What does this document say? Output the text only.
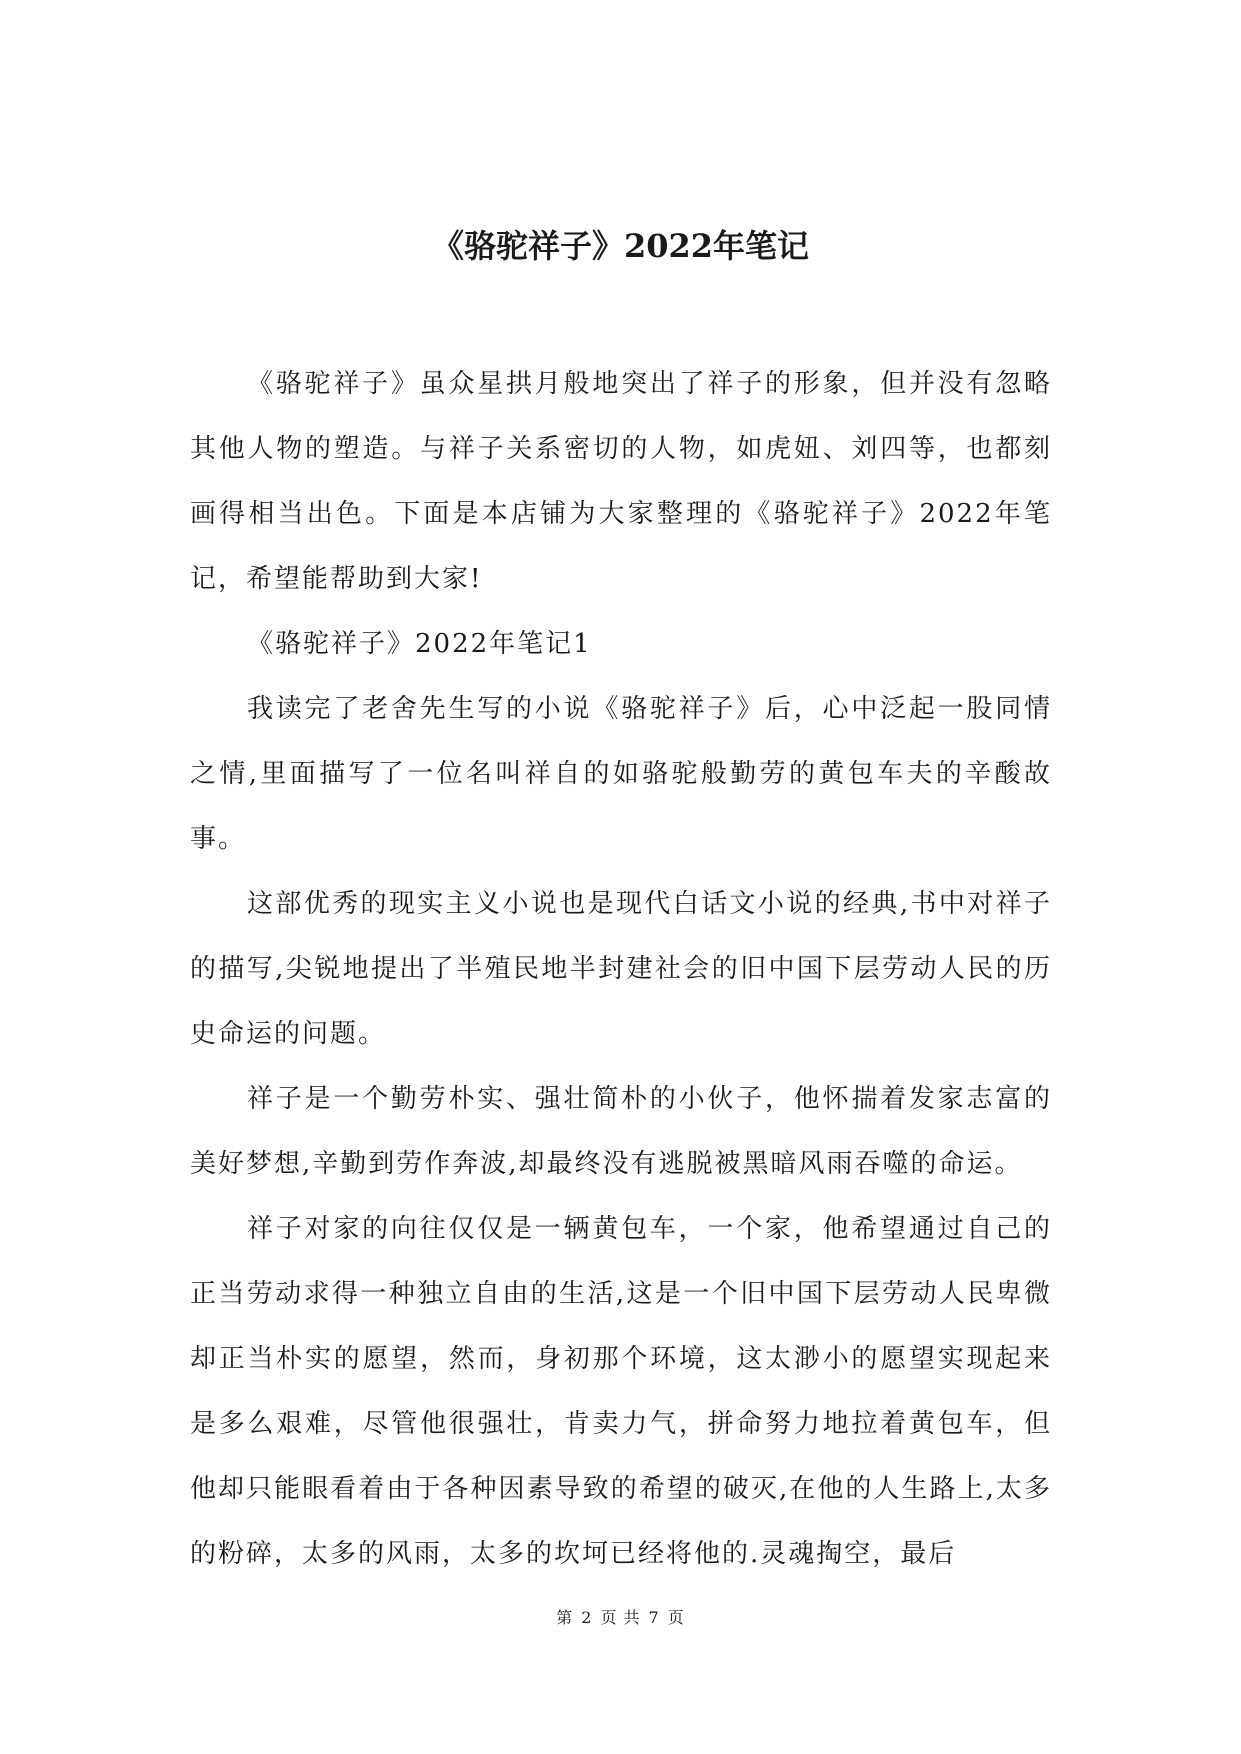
《骆驼祥子》2022年笔记

《骆驼祥子》虽众星拱月般地突出了祥子的形象，但并没有忽略其他人物的塑造。与祥子关系密切的人物，如虎妞、刘四等，也都刻画得相当出色。下面是本店铺为大家整理的《骆驼祥子》2022年笔记，希望能帮助到大家!

《骆驼祥子》2022年笔记1

我读完了老舍先生写的小说《骆驼祥子》后，心中泛起一股同情之情,里面描写了一位名叫祥自的如骆驼般勤劳的黄包车夫的辛酸故事。

这部优秀的现实主义小说也是现代白话文小说的经典,书中对祥子的描写,尖锐地提出了半殖民地半封建社会的旧中国下层劳动人民的历史命运的问题。

祥子是一个勤劳朴实、强壮简朴的小伙子，他怀揣着发家志富的美好梦想,辛勤到劳作奔波,却最终没有逃脱被黑暗风雨吞噬的命运。

祥子对家的向往仅仅是一辆黄包车，一个家，他希望通过自己的正当劳动求得一种独立自由的生活,这是一个旧中国下层劳动人民卑微却正当朴实的愿望，然而，身初那个环境，这太渺小的愿望实现起来是多么艰难，尽管他很强壮，肯卖力气，拼命努力地拉着黄包车，但他却只能眼看着由于各种因素导致的希望的破灭,在他的人生路上,太多的粉碎，太多的风雨，太多的坎坷已经将他的.灵魂掏空，最后

第 2 页 共 7 页
